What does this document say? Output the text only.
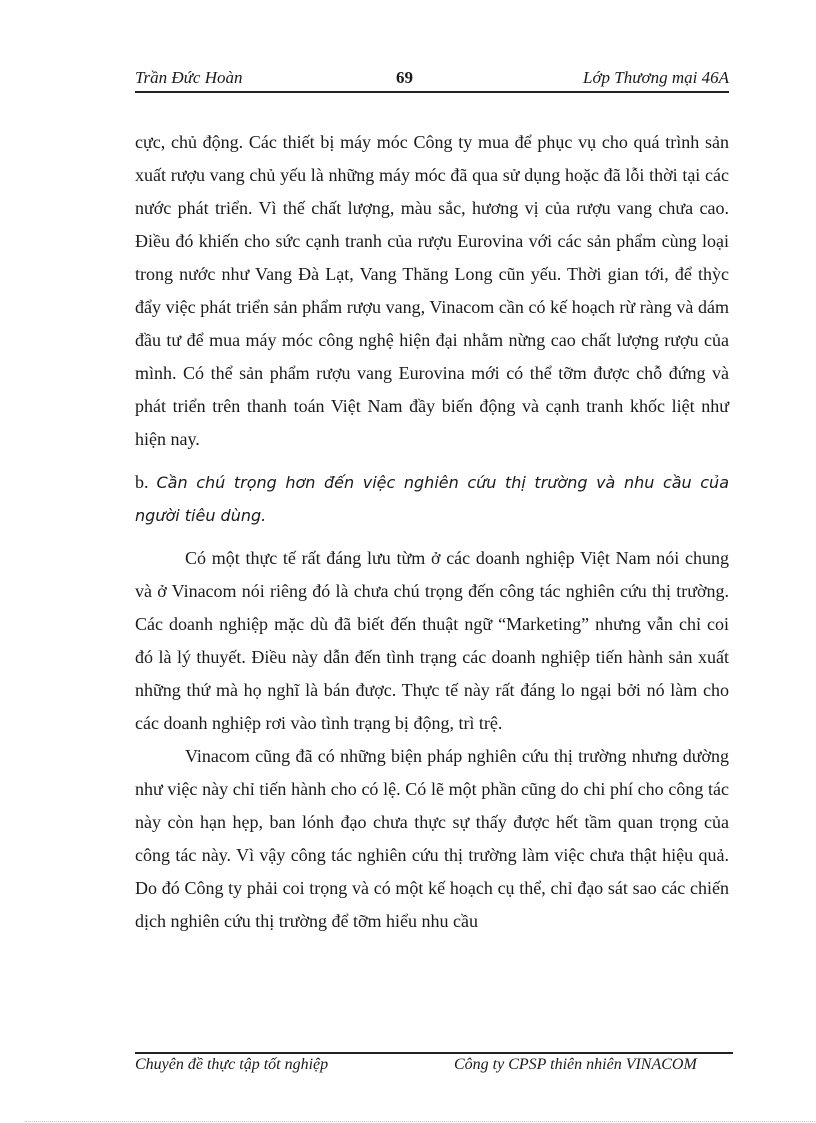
Trần Đức Hoàn	69	Lớp Thương mại 46A

cực, chủ động. Các thiết bị máy móc Công ty mua để phục vụ cho quá trình sản xuất rượu vang chủ yếu là những máy móc đã qua sử dụng hoặc đã lỗi thời tại các nước phát triển. Vì thế chất lượng, màu sắc, hương vị của rượu vang chưa cao. Điều đó khiến cho sức cạnh tranh của rượu Eurovina với các sản phẩm cùng loại trong nước như Vang Đà Lạt, Vang Thăng Long cũn yếu. Thời gian tới, để thỳc đẩy việc phát triển sản phẩm rượu vang, Vinacom cần có kế hoạch rừ ràng và dám đầu tư để mua máy móc công nghệ hiện đại nhằm nừng cao chất lượng rượu của mình. Có thể sản phẩm rượu vang Eurovina mới có thể tỡm được chỗ đứng và phát triển trên thanh toán Việt Nam đầy biến động và cạnh tranh khốc liệt như hiện nay.

b. Cần chú trọng hơn đến việc nghiên cứu thị trường và nhu cầu của người tiêu dùng.

Có một thực tế rất đáng lưu từm ở các doanh nghiệp Việt Nam nói chung và ở Vinacom nói riêng đó là chưa chú trọng đến công tác nghiên cứu thị trường. Các doanh nghiệp mặc dù đã biết đến thuật ngữ “Marketing” nhưng vẫn chỉ coi đó là lý thuyết. Điều này dẫn đến tình trạng các doanh nghiệp tiến hành sản xuất những thứ mà họ nghĩ là bán được. Thực tế này rất đáng lo ngại bởi nó làm cho các doanh nghiệp rơi vào tình trạng bị động, trì trệ.

Vinacom cũng đã có những biện pháp nghiên cứu thị trường nhưng dường như việc này chỉ tiến hành cho có lệ. Có lẽ một phần cũng do chi phí cho công tác này còn hạn hẹp, ban lónh đạo chưa thực sự thấy được hết tầm quan trọng của công tác này. Vì vậy công tác nghiên cứu thị trường làm việc chưa thật hiệu quả. Do đó Công ty phải coi trọng và có một kế hoạch cụ thể, chỉ đạo sát sao các chiến dịch nghiên cứu thị trường để tỡm hiểu nhu cầu

Chuyên đề thực tập tốt nghiệp	Công ty CPSP thiên nhiên VINACOM
